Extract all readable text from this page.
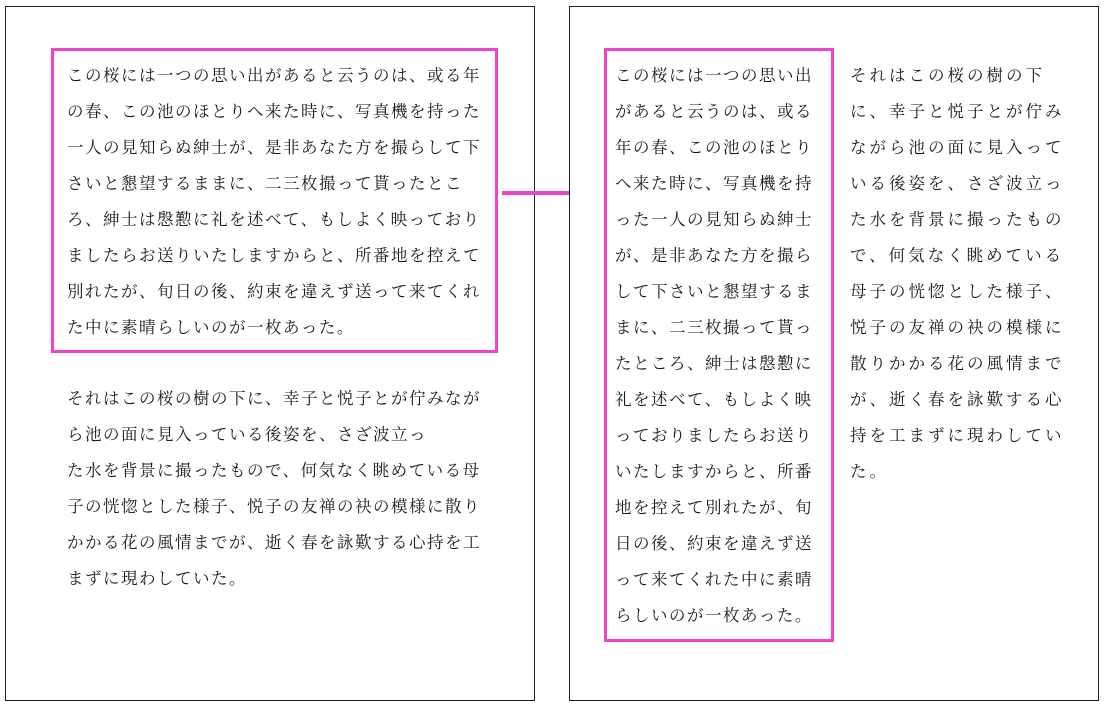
この桜には一つの思い出があると云うのは、或る年
の春、この池のほとりへ来た時に、写真機を持った
一人の見知らぬ紳士が、是非あなた方を撮らして下
さいと懇望するままに、二三枚撮って貰ったとこ
ろ、紳士は慇懃に礼を述べて、もしよく映っており
ましたらお送りいたしますからと、所番地を控えて
別れたが、旬日の後、約束を違えず送って来てくれ
た中に素晴らしいのが一枚あった。

それはこの桜の樹の下に、幸子と悦子とが佇みなが
ら池の面に見入っている後姿を、さざ波立っ
た水を背景に撮ったもので、何気なく眺めている母
子の恍惚とした様子、悦子の友禅の袂の模様に散り
かかる花の風情までが、逝く春を詠歎する心持を工
まずに現わしていた。

この桜には一つの思い出
があると云うのは、或る
年の春、この池のほとり
へ来た時に、写真機を持
った一人の見知らぬ紳士
が、是非あなた方を撮ら
して下さいと懇望するま
まに、二三枚撮って貰っ
たところ、紳士は慇懃に
礼を述べて、もしよく映
っておりましたらお送り
いたしますからと、所番
地を控えて別れたが、旬
日の後、約束を違えず送
って来てくれた中に素晴
らしいのが一枚あった。

それはこの桜の樹の下
に、幸子と悦子とが佇み
ながら池の面に見入って
いる後姿を、さざ波立っ
た水を背景に撮ったもの
で、何気なく眺めている
母子の恍惚とした様子、
悦子の友禅の袂の模様に
散りかかる花の風情まで
が、逝く春を詠歎する心
持を工まずに現わしてい
た。
